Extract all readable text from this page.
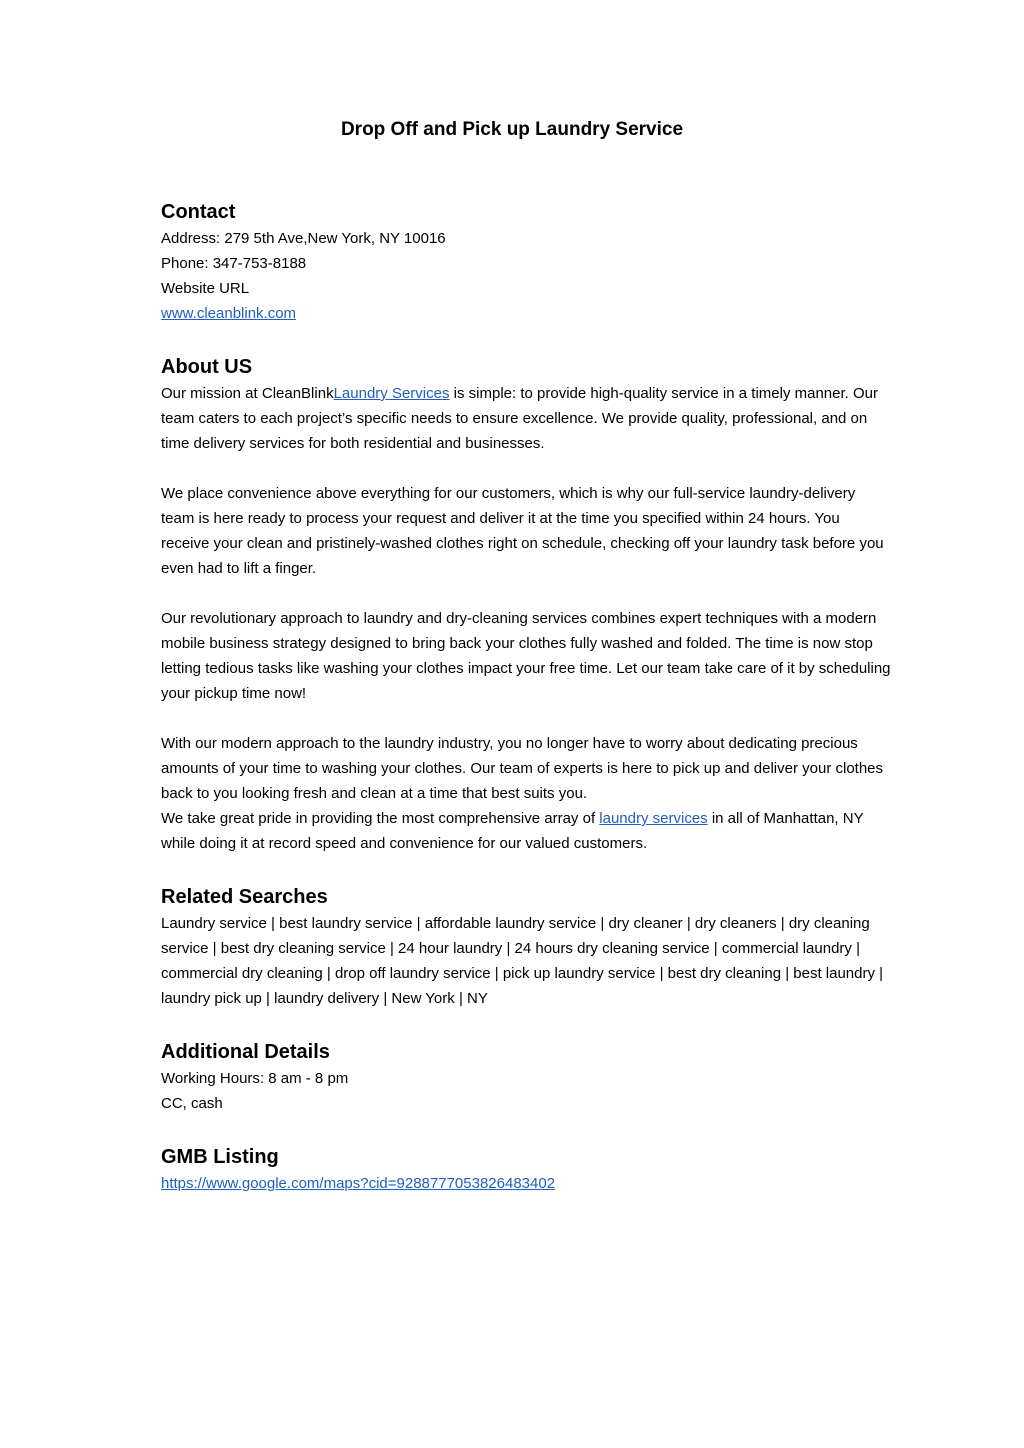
Drop Off and Pick up Laundry Service
Contact
Address: 279 5th Ave,New York, NY 10016
Phone: 347-753-8188
Website URL
www.cleanblink.com
About US

Our mission at CleanBlinkLaundry Services is simple: to provide high-quality service in a timely manner. Our team caters to each project’s specific needs to ensure excellence. We provide quality, professional, and on time delivery services for both residential and businesses.

We place convenience above everything for our customers, which is why our full-service laundry-delivery team is here ready to process your request and deliver it at the time you specified within 24 hours. You receive your clean and pristinely-washed clothes right on schedule, checking off your laundry task before you even had to lift a finger.

Our revolutionary approach to laundry and dry-cleaning services combines expert techniques with a modern mobile business strategy designed to bring back your clothes fully washed and folded. The time is now stop letting tedious tasks like washing your clothes impact your free time. Let our team take care of it by scheduling your pickup time now!

With our modern approach to the laundry industry, you no longer have to worry about dedicating precious amounts of your time to washing your clothes. Our team of experts is here to pick up and deliver your clothes back to you looking fresh and clean at a time that best suits you.

We take great pride in providing the most comprehensive array of laundry services in all of Manhattan, NY while doing it at record speed and convenience for our valued customers.

Related Searches

Laundry service | best laundry service | affordable laundry service | dry cleaner | dry cleaners | dry cleaning service | best dry cleaning service | 24 hour laundry | 24 hours dry cleaning service | commercial laundry | commercial dry cleaning | drop off laundry service | pick up laundry service | best dry cleaning | best laundry | laundry pick up | laundry delivery | New York | NY

Additional Details
Working Hours: 8 am - 8 pm
CC, cash
GMB Listing
https://www.google.com/maps?cid=9288777053826483402
